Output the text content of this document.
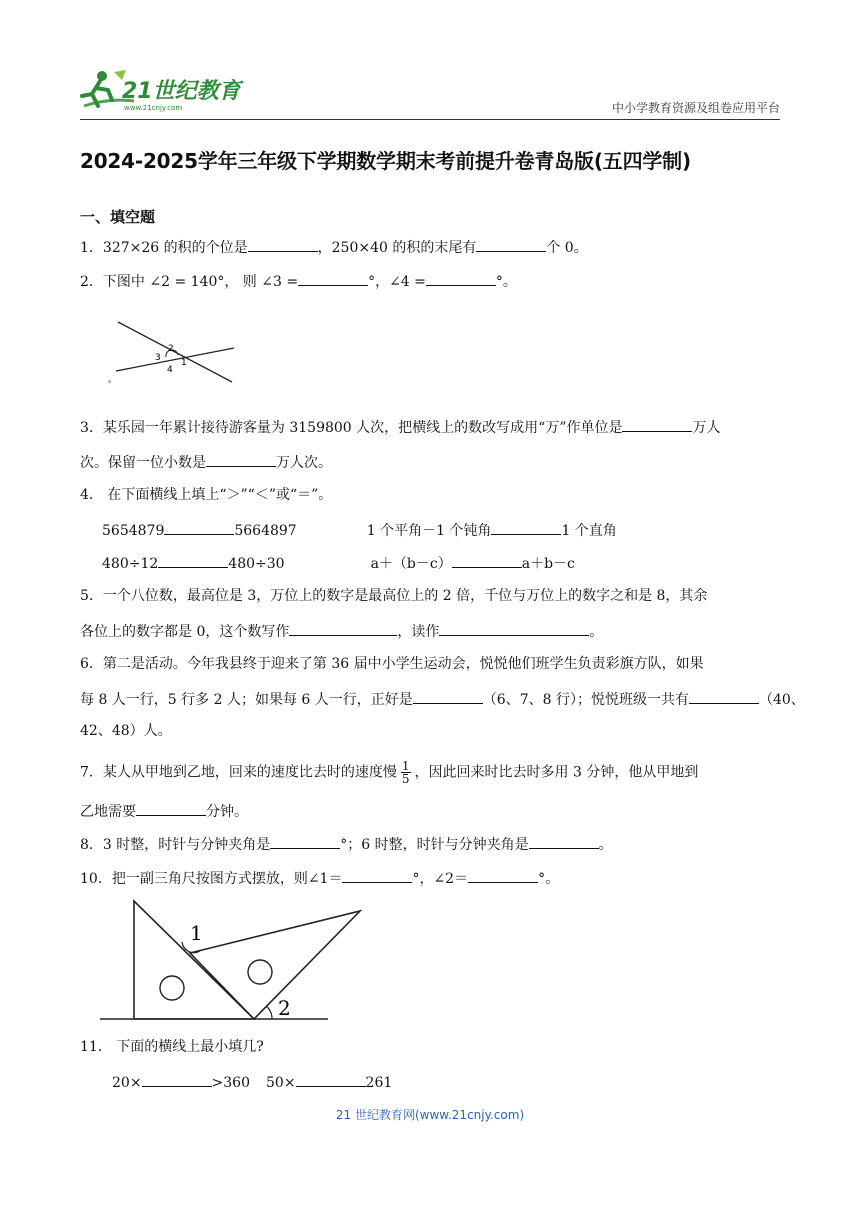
21世纪教育
www.21cnjy.com	中小学教育资源及组卷应用平台
2024-2025学年三年级下学期数学期末考前提升卷青岛版(五四学制)
一、填空题
1．327×26 的积的个位是	，250×40 的积的末尾有	个 0。
2．下图中 ∠2 = 140°， 则 ∠3 =	°，∠4 =	°。
3
2
1
4
。
3．某乐园一年累计接待游客量为 3159800 人次，把横线上的数改写成用“万”作单位是	万人
次。保留一位小数是	万人次。
4． 在下面横线上填上“＞”“＜”或“＝”。
5654879	5664897	1 个平角－1 个钝角	1 个直角
480÷12	480÷30	a＋（b－c）	a＋b－c
5．一个八位数，最高位是 3，万位上的数字是最高位上的 2 倍，千位与万位上的数字之和是 8，其余
各位上的数字都是 0，这个数写作	，读作	。
6．第二是活动。今年我县终于迎来了第 36 届中小学生运动会，悦悦他们班学生负责彩旗方队，如果
每 8 人一行，5 行多 2 人；如果每 6 人一行，正好是	（6、7、8 行）；悦悦班级一共有	（40、
42、48）人。
7．某人从甲地到乙地，回来的速度比去时的速度慢 $\frac{1}{5}$ ，因此回来时比去时多用 3 分钟，他从甲地到
乙地需要	分钟。
8．3 时整，时针与分钟夹角是	°；6 时整，时针与分钟夹角是	。
10．把一副三角尺按图方式摆放，则∠1＝	°，∠2＝	°。
1
2
11． 下面的横线上最小填几?
20×	>360 50×	261
21 世纪教育网(www.21cnjy.com)
